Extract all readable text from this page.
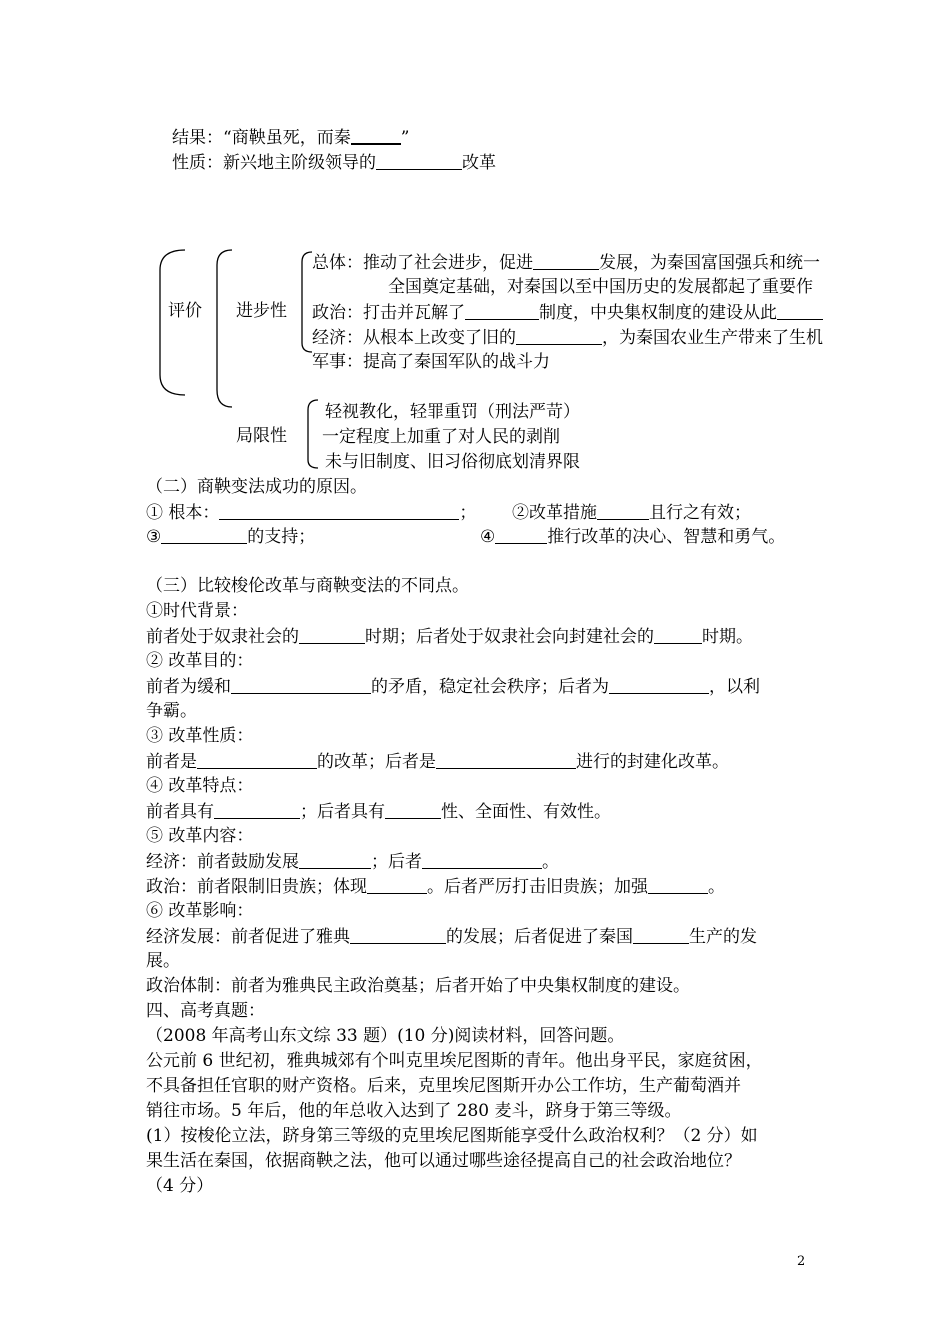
结果：“商鞅虽死，而秦	”
性质：新兴地主阶级领导的	改革
评价 进步性
局限性
总体：推动了社会进步，促进	发展，为秦国富国强兵和统一
全国奠定基础，对秦国以至中国历史的发展都起了重要作
政治：打击并瓦解了	制度，中央集权制度的建设从此
经济：从根本上改变了旧的	，为秦国农业生产带来了生机
军事：提高了秦国军队的战斗力
轻视教化，轻罪重罚（刑法严苛）
一定程度上加重了对人民的剥削
未与旧制度、旧习俗彻底划清界限
（二）商鞅变法成功的原因。
① 根本：	； ②改革措施	且行之有效；
③	的支持；	④	推行改革的决心、智慧和勇气。
（三）比较梭伦改革与商鞅变法的不同点。
①时代背景：
前者处于奴隶社会的	时期；后者处于奴隶社会向封建社会的	时期。
② 改革目的：
前者为缓和	的矛盾，稳定社会秩序；后者为	，以利
争霸。
③ 改革性质：
前者是	的改革；后者是	进行的封建化改革。
④ 改革特点：
前者具有	；后者具有	性、全面性、有效性。
⑤ 改革内容：
经济：前者鼓励发展	；后者	。
政治：前者限制旧贵族；体现	。后者严厉打击旧贵族；加强	。
⑥ 改革影响：
经济发展：前者促进了雅典	的发展；后者促进了秦国	生产的发
展。
政治体制：前者为雅典民主政治奠基；后者开始了中央集权制度的建设。
四、高考真题：
（2008 年高考山东文综 33 题）(10 分)阅读材料，回答问题。
公元前 6 世纪初，雅典城郊有个叫克里埃尼图斯的青年。他出身平民，家庭贫困，
不具备担任官职的财产资格。后来，克里埃尼图斯开办公工作坊，生产葡萄酒并
销往市场。5 年后，他的年总收入达到了 280 麦斗，跻身于第三等级。
(1）按梭伦立法，跻身第三等级的克里埃尼图斯能享受什么政治权利？（2 分）如
果生活在秦国，依据商鞅之法，他可以通过哪些途径提高自己的社会政治地位？
（4 分）
2
